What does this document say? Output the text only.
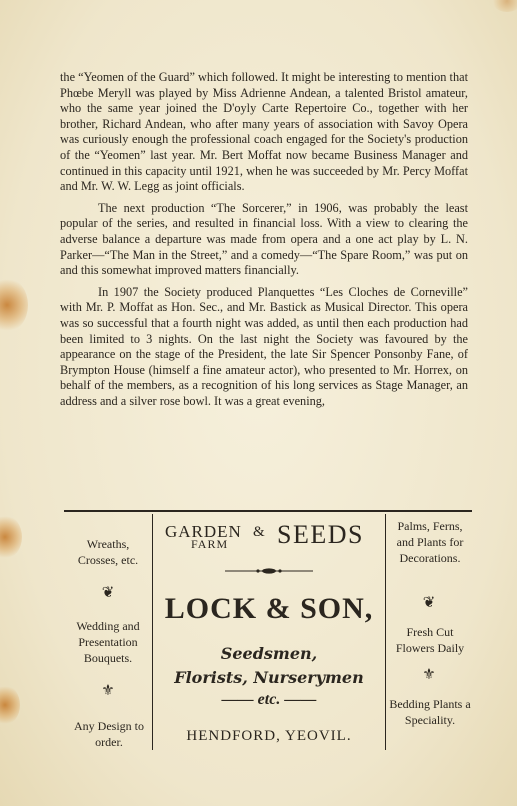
the “Yeomen of the Guard” which followed. It might be interesting to mention that Phœbe Meryll was played by Miss Adrienne Andean, a talented Bristol amateur, who the same year joined the D'oyly Carte Repertoire Co., together with her brother, Richard Andean, who after many years of association with Savoy Opera was curiously enough the professional coach engaged for the Society's production of the “Yeomen” last year. Mr. Bert Moffat now became Business Manager and continued in this capacity until 1921, when he was succeeded by Mr. Percy Moffat and Mr. W. W. Legg as joint officials.

The next production “The Sorcerer,” in 1906, was probably the least popular of the series, and resulted in financial loss. With a view to clearing the adverse balance a departure was made from opera and a one act play by L. N. Parker—“The Man in the Street,” and a comedy—“The Spare Room,” was put on and this somewhat improved matters financially.

In 1907 the Society produced Planquettes “Les Cloches de Corneville” with Mr. P. Moffat as Hon. Sec., and Mr. Bastick as Musical Director. This opera was so successful that a fourth night was added, as until then each production had been limited to 3 nights. On the last night the Society was favoured by the appearance on the stage of the President, the late Sir Spencer Ponsonby Fane, of Brympton House (himself a fine amateur actor), who presented to Mr. Horrex, on behalf of the members, as a recognition of his long services as Stage Manager, an address and a silver rose bowl. It was a great evening,

Wreaths, Crosses, etc.
❦
Wedding and Presentation Bouquets.
⚜
Any Design to order.
GARDEN
FARM
& SEEDS
LOCK & SON,
Seedsmen,
Florists, Nurserymen
—— etc. ——
HENDFORD, YEOVIL.
Palms, Ferns, and Plants for Decorations.
❦
Fresh Cut Flowers Daily
⚜
Bedding Plants a Speciality.
